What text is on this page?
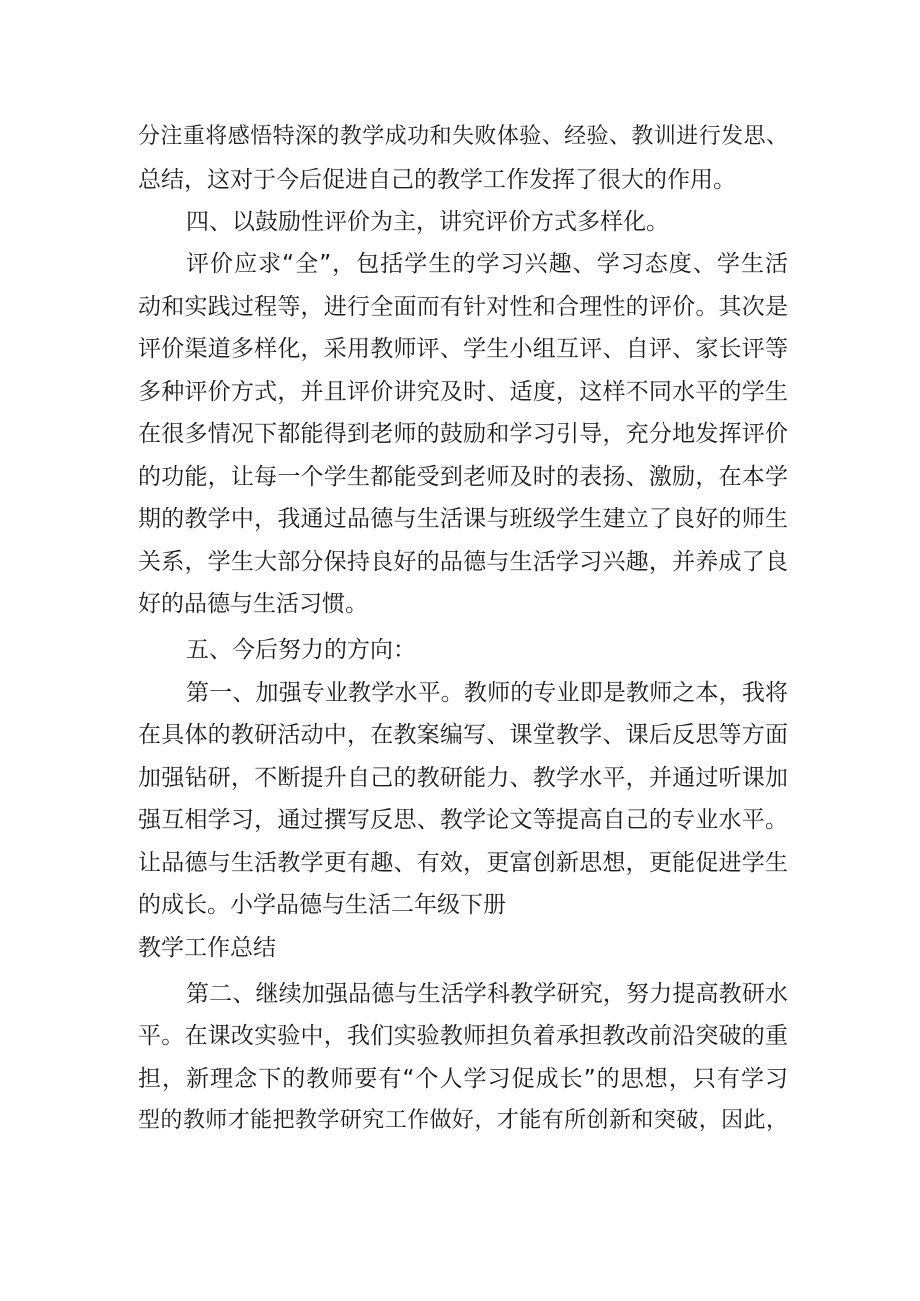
分注重将感悟特深的教学成功和失败体验、经验、教训进行发思、

总结，这对于今后促进自己的教学工作发挥了很大的作用。

四、以鼓励性评价为主，讲究评价方式多样化。

评价应求“全”，包括学生的学习兴趣、学习态度、学生活

动和实践过程等，进行全面而有针对性和合理性的评价。其次是

评价渠道多样化，采用教师评、学生小组互评、自评、家长评等

多种评价方式，并且评价讲究及时、适度，这样不同水平的学生

在很多情况下都能得到老师的鼓励和学习引导，充分地发挥评价

的功能，让每一个学生都能受到老师及时的表扬、激励，在本学

期的教学中，我通过品德与生活课与班级学生建立了良好的师生

关系，学生大部分保持良好的品德与生活学习兴趣，并养成了良

好的品德与生活习惯。

五、今后努力的方向：

第一、加强专业教学水平。教师的专业即是教师之本，我将

在具体的教研活动中，在教案编写、课堂教学、课后反思等方面

加强钻研，不断提升自己的教研能力、教学水平，并通过听课加

强互相学习，通过撰写反思、教学论文等提高自己的专业水平。

让品德与生活教学更有趣、有效，更富创新思想，更能促进学生

的成长。小学品德与生活二年级下册

教学工作总结

第二、继续加强品德与生活学科教学研究，努力提高教研水

平。在课改实验中，我们实验教师担负着承担教改前沿突破的重

担，新理念下的教师要有“个人学习促成长”的思想，只有学习

型的教师才能把教学研究工作做好，才能有所创新和突破，因此，
